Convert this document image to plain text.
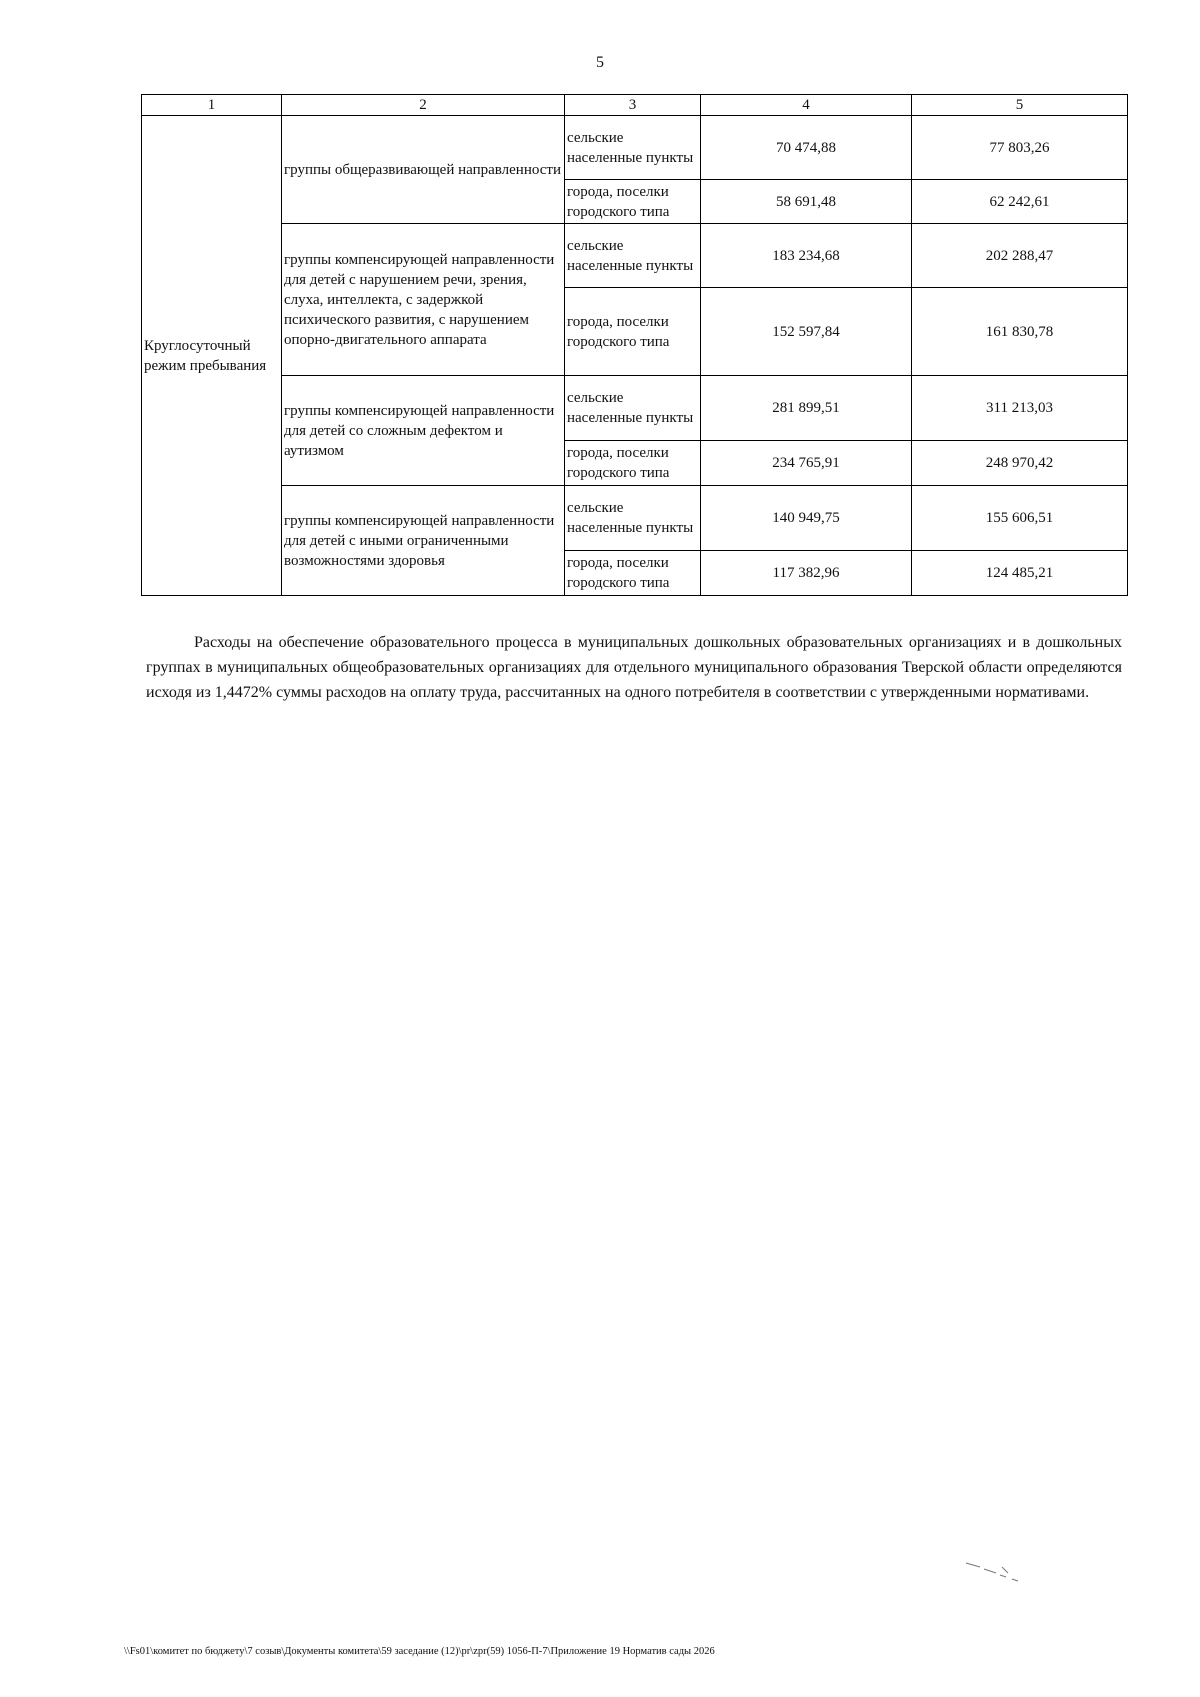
5
1	2	3	4	5
Круглосуточный режим пребывания	группы общеразвивающей направленности	сельские населенные пункты	70 474,88	77 803,26
		города, поселки городского типа	58 691,48	62 242,61
	группы компенсирующей направленности для детей с нарушением речи, зрения, слуха, интеллекта, с задержкой психического развития, с нарушением опорно-двигательного аппарата	сельские населенные пункты	183 234,68	202 288,47
		города, поселки городского типа	152 597,84	161 830,78
	группы компенсирующей направленности для детей со сложным дефектом и аутизмом	сельские населенные пункты	281 899,51	311 213,03
		города, поселки городского типа	234 765,91	248 970,42
	группы компенсирующей направленности для детей с иными ограниченными возможностями здоровья	сельские населенные пункты	140 949,75	155 606,51
		города, поселки городского типа	117 382,96	124 485,21

Расходы на обеспечение образовательного процесса в муниципальных дошкольных образовательных организациях и в дошкольных группах в муниципальных общеобразовательных организациях для отдельного муниципального образования Тверской области определяются исходя из 1,4472% суммы расходов на оплату труда, рассчитанных на одного потребителя в соответствии с утвержденными нормативами.

\\Fs01\комитет по бюджету\7 созыв\Документы комитета\59 заседание (12)\pr\zpr(59) 1056-П-7\Приложение 19 Норматив сады 2026
